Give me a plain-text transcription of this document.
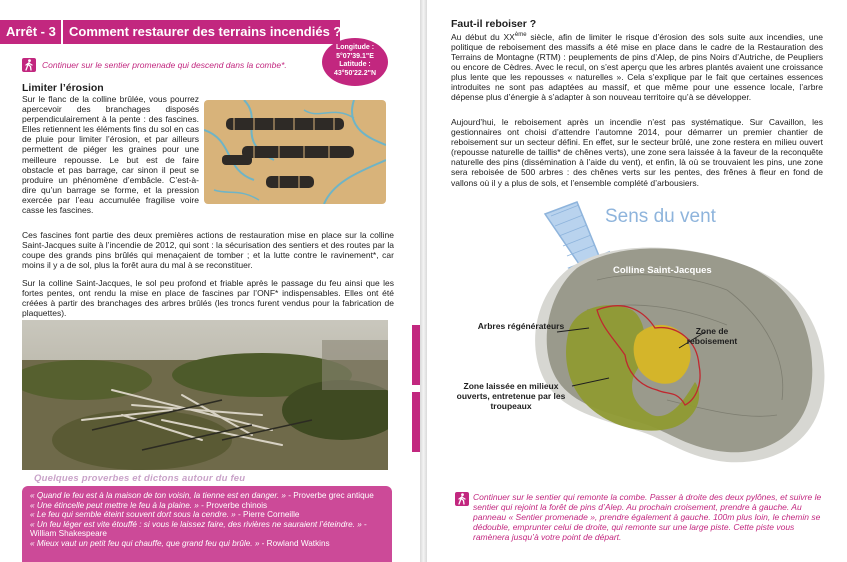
Arrêt - 3 Comment restaurer des terrains incendiés ?
Longitude :
5°07'39.1"E
Latitude :
43°50'22.2"N
Continuer sur le sentier promenade qui descend dans la combe*.
Limiter l’érosion
Sur le flanc de la colline brûlée, vous pourrez apercevoir des branchages disposés perpendiculairement à la pente : des fascines. Elles retiennent les éléments fins du sol en cas de pluie pour limiter l’érosion, et par ailleurs permettent de piéger les graines pour une meilleure repousse. Le but est de faire obstacle et pas barrage, car sinon il peut se produire un phénomène d’embâcle. C’est-à-dire qu’un barrage se forme, et la pression exercée par l’eau accumulée fragilise voire casse les fascines.
Ces fascines font partie des deux premières actions de restauration mise en place sur la colline Saint-Jacques suite à l’incendie de 2012, qui sont : la sécurisation des sentiers et des routes par la coupe des grands pins brûlés qui menaçaient de tomber ; et la lutte contre le ravinement*, car moins il y a de sol, plus la forêt aura du mal à se reconstituer.
Sur la colline Saint-Jacques, le sol peu profond et friable après le passage du feu ainsi que les fortes pentes, ont rendu la mise en place de fascines par l’ONF* indispensables. Elles ont été créées à partir des branchages des arbres brûlés (les troncs furent vendus pour la fabrication de plaquettes).
Quelques proverbes et dictons autour du feu
« Quand le feu est à la maison de ton voisin, la tienne est en danger. » - Proverbe grec antique
« Une étincelle peut mettre le feu à la plaine. » - Proverbe chinois
« Le feu qui semble éteint souvent dort sous la cendre. » - Pierre Corneille
« Un feu léger est vite étouffé : si vous le laissez faire, des rivières ne sauraient l’éteindre. » - William Shakespeare
« Mieux vaut un petit feu qui chauffe, que grand feu qui brûle. » - Rowland Watkins
Faut-il reboiser ?
Au début du XXème siècle, afin de limiter le risque d’érosion des sols suite aux incendies, une politique de reboisement des massifs a été mise en place dans le cadre de la Restauration des Terrains de Montagne (RTM) : peuplements de pins d’Alep, de pins Noirs d’Autriche, de Peupliers ou encore de Cèdres. Avec le recul, on s’est aperçu que les arbres plantés avaient une croissance plus lente que les repousses « naturelles ». Cela s’explique par le fait que certaines essences introduites ne sont pas adaptées au massif, et que même pour une essence locale, l’arbre dépense plus d’énergie à s’adapter à son nouveau territoire qu’à se développer.
Aujourd’hui, le reboisement après un incendie n’est pas systématique. Sur Cavaillon, les gestionnaires ont choisi d’attendre l’automne 2014, pour démarrer un premier chantier de reboisement sur un secteur défini. En effet, sur le secteur brûlé, une zone restera en milieu ouvert (repousse naturelle de taillis* de chênes verts), une zone sera laissée à la faveur de la reconquête naturelle des pins (dissémination à l’aide du vent), et enfin, là où se trouvaient les pins, une zone sera reboisée de 500 arbres : des chênes verts sur les pentes, des frênes à fleur en fond de vallons où il y a plus de sols, et l’ensemble complété d’arbousiers.
Sens du vent
Colline Saint-Jacques
Arbres régénérateurs	Zone de reboisement
Zone laissée en milieux ouverts, entretenue par les troupeaux
Continuer sur le sentier qui remonte la combe. Passer à droite des deux pylônes, et suivre le sentier qui rejoint la forêt de pins d’Alep. Au prochain croisement, prendre à gauche. Au panneau « Sentier promenade », prendre également à gauche. 100m plus loin, le chemin se dédouble, emprunter celui de droite, qui remonte sur une large piste. Cette piste vous ramènera jusqu’à votre point de départ.
